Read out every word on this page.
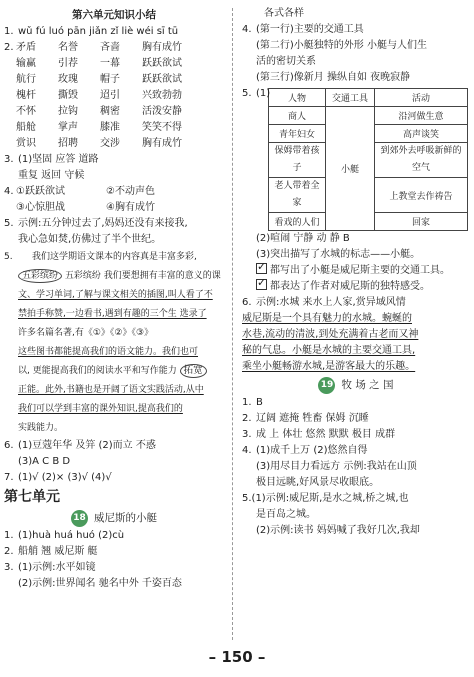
第六单元知识小结
1. wǔ fú luó pān jiǎn zǐ liè wéi sī tū
2. 矛盾	名誉	吝啬	胸有成竹
输赢	引荐	一幕	跃跃欲试
航行	玫瑰	帽子	跃跃欲试
槐杆	撕毁	迢引	兴致勃勃
不怀	拉钩	稠密	活泼安静
船舱	掌声	膝准	笑笑不得
赏识	招聘	交涉	胸有成竹
3. (1)坚固 应答 道路
重复 返回 守候
4. ①跃跃欲试	②不动声色
③心惊胆战	④胸有成竹
5. 示例:五分钟过去了,妈妈还没有来接我,
我心急如焚,仿佛过了半个世纪。
5. 我们这学期语文课本的内容真是丰富多彩,
五彩缤纷 五彩缤纷 我们要想拥有丰富的意义的课
文、学习单词,了解与课文相关的插图,叫人看了不
禁拍手称赞,一边看书,遇到有趣的三个生 选录了
许多名篇名著,有《①》《②》《③》
这些图书都能提高我们的语文能力。我们也可
以, 更能提高我们的阅读水平和写作能力 拓宽
正能。此外,书籍也是开阔了语文实践活动,从中
我们可以学到丰富的课外知识,提高我们的
实践能力。
6. (1)豆蔻年华 及笄 (2)而立 不惑
(3)A C B D
7. (1)√ (2)× (3)√ (4)√
第七单元
18 威尼斯的小艇
1. (1)huà huá huó (2)cù
2. 船艄 翘 威尼斯 艇
3. (1)示例:水平如镜
(2)示例:世界闻名 驰名中外 千姿百态
各式各样
4. (第一行)主要的交通工具
(第二行)小艇独特的外形 小艇与人们生
活的密切关系
(第三行)像新月 操纵自如 夜晚寂静
5. (1)	人物	交通工具	活动
商人	小艇	沿河做生意
青年妇女		高声谈笑
保姆带着孩子		到郊外去呼吸新鲜的空气

老人带着全家		上教堂去作祷告

看戏的人们		回家
(2)喧闹 宁静 动 静 B
(3)突出描写了水城的标志——小艇。
✓都写出了小艇是威尼斯主要的交通工具。
✓都表达了作者对威尼斯的独特感受。
6. 示例:水城 来水上人家,赏异域风情
威尼斯是一个具有魅力的水城。蜿蜒的
水巷,流动的清波,到处充满着古老而又神
秘的气息。小艇是水城的主要交通工具,
乘坐小艇畅游水城,是游客最大的乐趣。
19 牧 场 之 国
1. B
2. 辽阔 遮掩 牲畜 保姆 沉睡
3. 成 上 体壮 悠然 默默 极目 成群
4. (1)成千上万 (2)悠然自得
(3)用尽目力看远方 示例:我站在山顶
极目远眺,好风景尽收眼底。
5.(1)示例:威尼斯,是水之城,桥之城,也
是百岛之城。
(2)示例:读书 妈妈喊了我好几次,我却
– 150 –
